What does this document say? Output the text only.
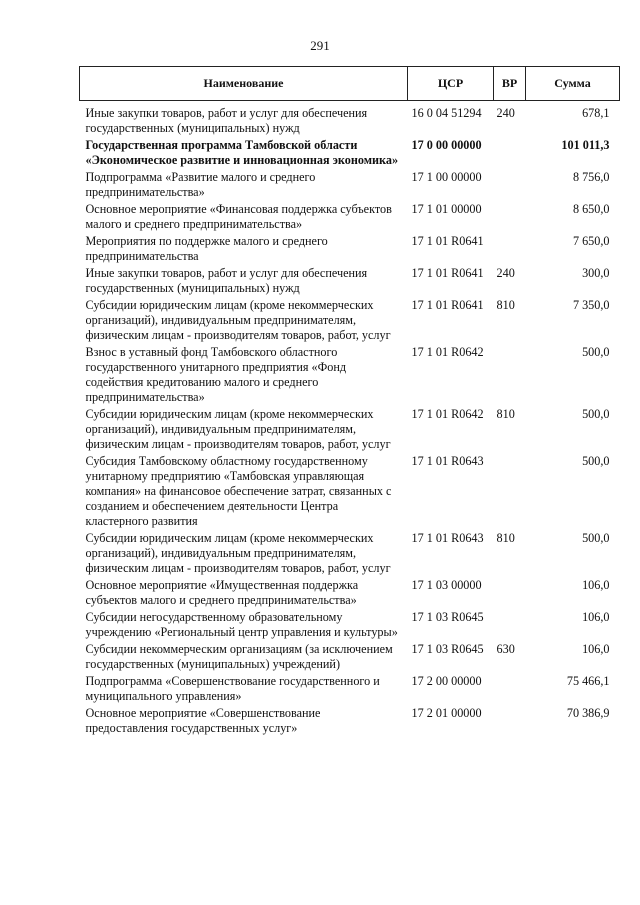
291
Наименование	ЦСР	ВР	Сумма
Иные закупки товаров, работ и услуг для обеспечения государственных (муниципальных) нужд	16 0 04 51294	240	678,1
Государственная программа Тамбовской области «Экономическое развитие и инновационная экономика»	17 0 00 00000		101 011,3
Подпрограмма «Развитие малого и среднего предпринимательства»	17 1 00 00000		8 756,0
Основное мероприятие «Финансовая поддержка субъектов малого и среднего предпринимательства»	17 1 01 00000		8 650,0
Мероприятия по поддержке малого и среднего предпринимательства	17 1 01 R0641		7 650,0
Иные закупки товаров, работ и услуг для обеспечения государственных (муниципальных) нужд	17 1 01 R0641	240	300,0
Субсидии юридическим лицам (кроме некоммерческих организаций), индивидуальным предпринимателям, физическим лицам - производителям товаров, работ, услуг	17 1 01 R0641	810	7 350,0
Взнос в уставный фонд Тамбовского областного государственного унитарного предприятия «Фонд содействия кредитованию малого и среднего предпринимательства»	17 1 01 R0642		500,0
Субсидии юридическим лицам (кроме некоммерческих организаций), индивидуальным предпринимателям, физическим лицам - производителям товаров, работ, услуг	17 1 01 R0642	810	500,0
Субсидия Тамбовскому областному государственному унитарному предприятию «Тамбовская управляющая компания» на финансовое обеспечение затрат, связанных с созданием и обеспечением деятельности Центра кластерного развития	17 1 01 R0643		500,0
Субсидии юридическим лицам (кроме некоммерческих организаций), индивидуальным предпринимателям, физическим лицам - производителям товаров, работ, услуг	17 1 01 R0643	810	500,0
Основное мероприятие «Имущественная поддержка субъектов малого и среднего предпринимательства»	17 1 03 00000		106,0
Субсидии негосударственному образовательному учреждению «Региональный центр управления и культуры»	17 1 03 R0645		106,0
Субсидии некоммерческим организациям (за исключением государственных (муниципальных) учреждений)	17 1 03 R0645	630	106,0
Подпрограмма «Совершенствование государственного и муниципального управления»	17 2 00 00000		75 466,1
Основное мероприятие «Совершенствование предоставления государственных услуг»	17 2 01 00000		70 386,9
